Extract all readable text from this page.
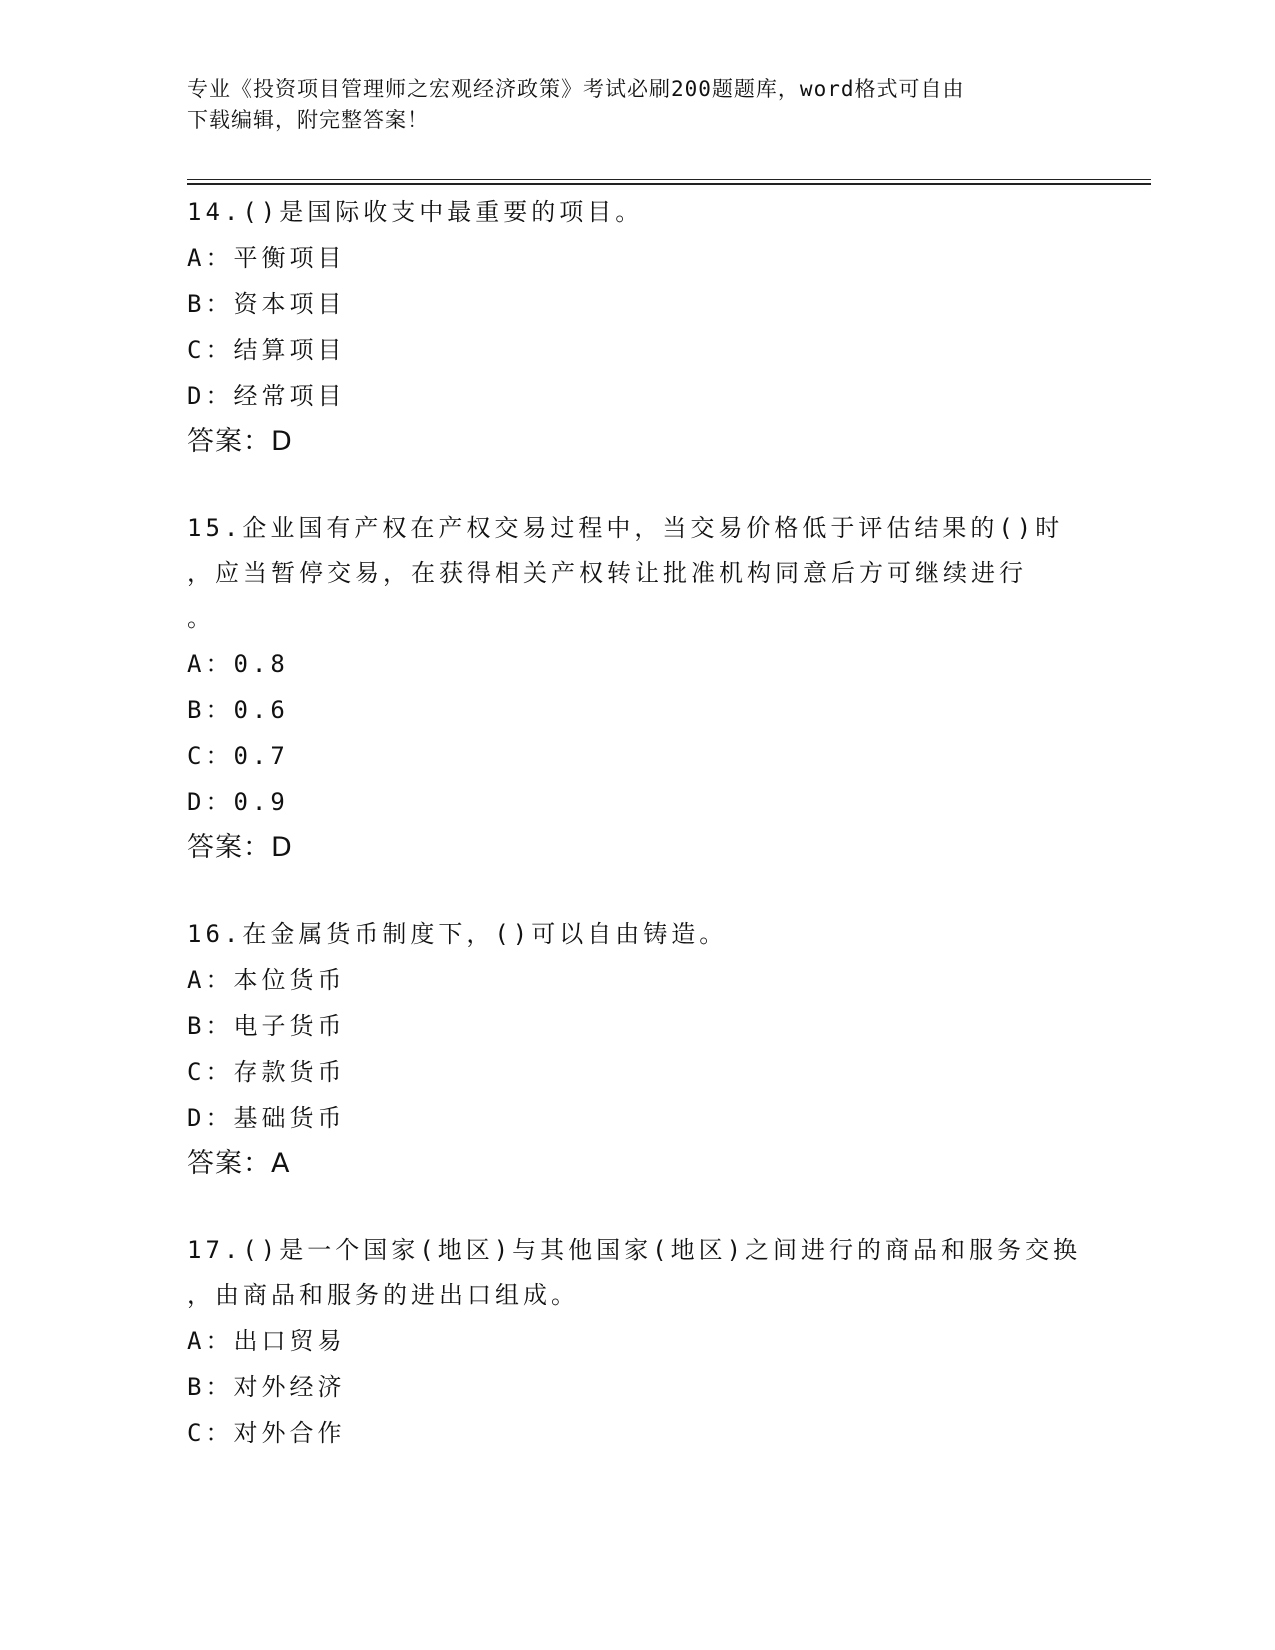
专业《投资项目管理师之宏观经济政策》考试必刷200题题库，word格式可自由

下载编辑，附完整答案！

14.()是国际收支中最重要的项目。

A：平衡项目

B：资本项目

C：结算项目

D：经常项目

答案：D

15.企业国有产权在产权交易过程中，当交易价格低于评估结果的()时

，应当暂停交易，在获得相关产权转让批准机构同意后方可继续进行

。

A：0.8

B：0.6

C：0.7

D：0.9

答案：D

16.在金属货币制度下，()可以自由铸造。

A：本位货币

B：电子货币

C：存款货币

D：基础货币

答案：A

17.()是一个国家(地区)与其他国家(地区)之间进行的商品和服务交换

，由商品和服务的进出口组成。

A：出口贸易

B：对外经济

C：对外合作
